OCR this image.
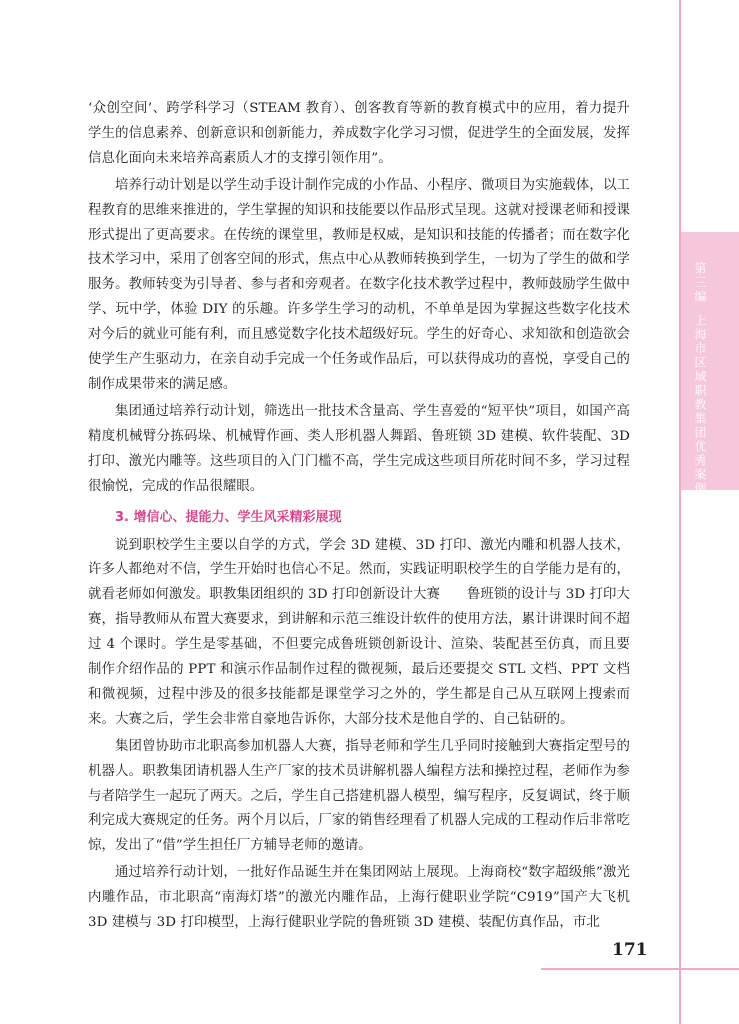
第三编上海市区域职教集团优秀案例

‘众创空间’、跨学科学习（STEAM 教育）、创客教育等新的教育模式中的应用，着力提升学生的信息素养、创新意识和创新能力，养成数字化学习习惯，促进学生的全面发展，发挥信息化面向未来培养高素质人才的支撑引领作用”。

培养行动计划是以学生动手设计制作完成的小作品、小程序、微项目为实施载体，以工程教育的思维来推进的，学生掌握的知识和技能要以作品形式呈现。这就对授课老师和授课形式提出了更高要求。在传统的课堂里，教师是权威，是知识和技能的传播者；而在数字化技术学习中，采用了创客空间的形式，焦点中心从教师转换到学生，一切为了学生的做和学服务。教师转变为引导者、参与者和旁观者。在数字化技术教学过程中，教师鼓励学生做中学、玩中学，体验 DIY 的乐趣。许多学生学习的动机，不单单是因为掌握这些数字化技术对今后的就业可能有利，而且感觉数字化技术超级好玩。学生的好奇心、求知欲和创造欲会使学生产生驱动力，在亲自动手完成一个任务或作品后，可以获得成功的喜悦，享受自己的制作成果带来的满足感。

集团通过培养行动计划，筛选出一批技术含量高、学生喜爱的“短平快”项目，如国产高精度机械臂分拣码垛、机械臂作画、类人形机器人舞蹈、鲁班锁 3D 建模、软件装配、3D 打印、激光内雕等。这些项目的入门门槛不高，学生完成这些项目所花时间不多，学习过程很愉悦，完成的作品很耀眼。

3. 增信心、提能力、学生风采精彩展现

说到职校学生主要以自学的方式，学会 3D 建模、3D 打印、激光内雕和机器人技术，许多人都绝对不信，学生开始时也信心不足。然而，实践证明职校学生的自学能力是有的，就看老师如何激发。职教集团组织的 3D 打印创新设计大赛　　鲁班锁的设计与 3D 打印大赛，指导教师从布置大赛要求，到讲解和示范三维设计软件的使用方法，累计讲课时间不超过 4 个课时。学生是零基础，不但要完成鲁班锁创新设计、渲染、装配甚至仿真，而且要制作介绍作品的 PPT 和演示作品制作过程的微视频，最后还要提交 STL 文档、PPT 文档和微视频，过程中涉及的很多技能都是课堂学习之外的，学生都是自己从互联网上搜索而来。大赛之后，学生会非常自豪地告诉你，大部分技术是他自学的、自己钻研的。

集团曾协助市北职高参加机器人大赛，指导老师和学生几乎同时接触到大赛指定型号的机器人。职教集团请机器人生产厂家的技术员讲解机器人编程方法和操控过程，老师作为参与者陪学生一起玩了两天。之后，学生自己搭建机器人模型，编写程序，反复调试，终于顺利完成大赛规定的任务。两个月以后，厂家的销售经理看了机器人完成的工程动作后非常吃惊，发出了“借”学生担任厂方辅导老师的邀请。

通过培养行动计划，一批好作品诞生并在集团网站上展现。上海商校“数字超级熊”激光内雕作品，市北职高“南海灯塔”的激光内雕作品，上海行健职业学院“C919”国产大飞机 3D 建模与 3D 打印模型，上海行健职业学院的鲁班锁 3D 建模、装配仿真作品，市北

171
